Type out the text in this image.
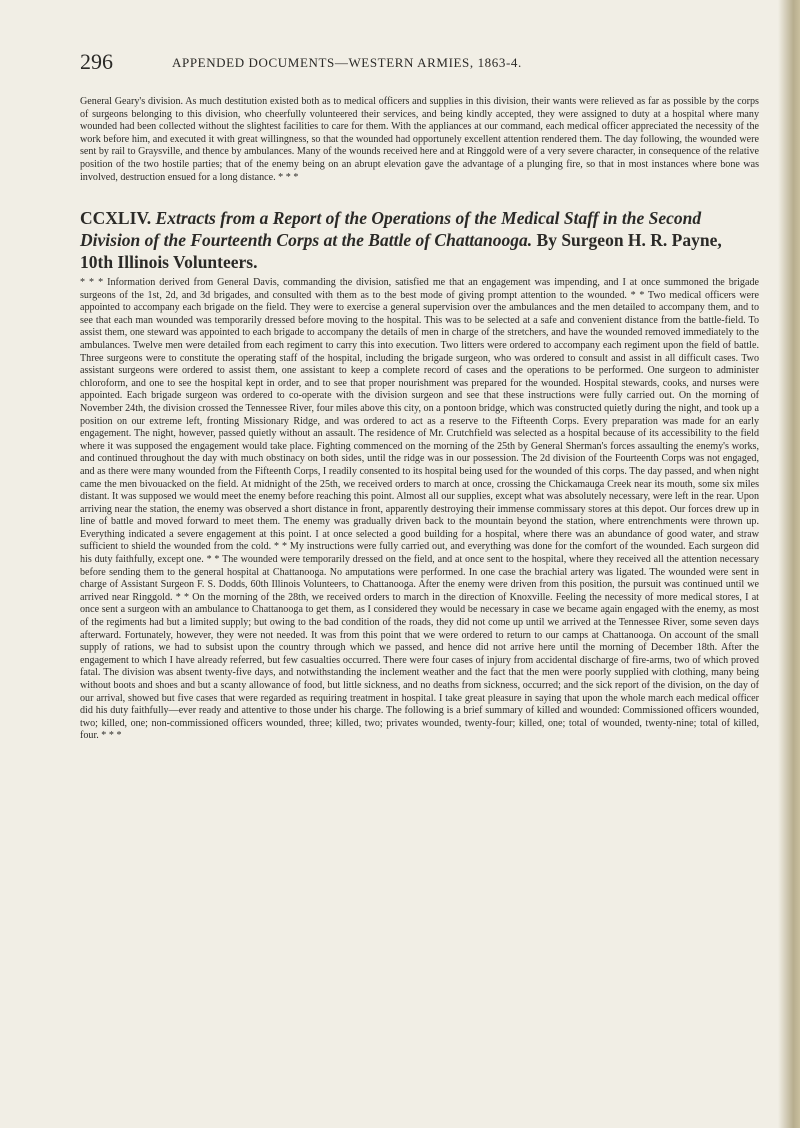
296	APPENDED DOCUMENTS—WESTERN ARMIES, 1863-4.

General Geary's division. As much destitution existed both as to medical officers and supplies in this division, their wants were relieved as far as possible by the corps of surgeons belonging to this division, who cheerfully volunteered their services, and being kindly accepted, they were assigned to duty at a hospital where many wounded had been collected without the slightest facilities to care for them. With the appliances at our command, each medical officer appreciated the necessity of the work before him, and executed it with great willingness, so that the wounded had opportunely excellent attention rendered them. The day following, the wounded were sent by rail to Graysville, and thence by ambulances. Many of the wounds received here and at Ringgold were of a very severe character, in consequence of the relative position of the two hostile parties; that of the enemy being on an abrupt elevation gave the advantage of a plunging fire, so that in most instances where bone was involved, destruction ensued for a long distance. * * *

CCXLIV. Extracts from a Report of the Operations of the Medical Staff in the Second Division of the Fourteenth Corps at the Battle of Chattanooga. By Surgeon H. R. Payne, 10th Illinois Volunteers.

* * * Information derived from General Davis, commanding the division, satisfied me that an engagement was impending, and I at once summoned the brigade surgeons of the 1st, 2d, and 3d brigades, and consulted with them as to the best mode of giving prompt attention to the wounded. * * Two medical officers were appointed to accompany each brigade on the field. They were to exercise a general supervision over the ambulances and the men detailed to accompany them, and to see that each man wounded was temporarily dressed before moving to the hospital. This was to be selected at a safe and convenient distance from the battle-field. To assist them, one steward was appointed to each brigade to accompany the details of men in charge of the stretchers, and have the wounded removed immediately to the ambulances. Twelve men were detailed from each regiment to carry this into execution. Two litters were ordered to accompany each regiment upon the field of battle. Three surgeons were to constitute the operating staff of the hospital, including the brigade surgeon, who was ordered to consult and assist in all difficult cases. Two assistant surgeons were ordered to assist them, one assistant to keep a complete record of cases and the operations to be performed. One surgeon to administer chloroform, and one to see the hospital kept in order, and to see that proper nourishment was prepared for the wounded. Hospital stewards, cooks, and nurses were appointed. Each brigade surgeon was ordered to co-operate with the division surgeon and see that these instructions were fully carried out. On the morning of November 24th, the division crossed the Tennessee River, four miles above this city, on a pontoon bridge, which was constructed quietly during the night, and took up a position on our extreme left, fronting Missionary Ridge, and was ordered to act as a reserve to the Fifteenth Corps. Every preparation was made for an early engagement. The night, however, passed quietly without an assault. The residence of Mr. Crutchfield was selected as a hospital because of its accessibility to the field where it was supposed the engagement would take place. Fighting commenced on the morning of the 25th by General Sherman's forces assaulting the enemy's works, and continued throughout the day with much obstinacy on both sides, until the ridge was in our possession. The 2d division of the Fourteenth Corps was not engaged, and as there were many wounded from the Fifteenth Corps, I readily consented to its hospital being used for the wounded of this corps. The day passed, and when night came the men bivouacked on the field. At midnight of the 25th, we received orders to march at once, crossing the Chickamauga Creek near its mouth, some six miles distant. It was supposed we would meet the enemy before reaching this point. Almost all our supplies, except what was absolutely necessary, were left in the rear. Upon arriving near the station, the enemy was observed a short distance in front, apparently destroying their immense commissary stores at this depot. Our forces drew up in line of battle and moved forward to meet them. The enemy was gradually driven back to the mountain beyond the station, where entrenchments were thrown up. Everything indicated a severe engagement at this point. I at once selected a good building for a hospital, where there was an abundance of good water, and straw sufficient to shield the wounded from the cold. * * My instructions were fully carried out, and everything was done for the comfort of the wounded. Each surgeon did his duty faithfully, except one. * * The wounded were temporarily dressed on the field, and at once sent to the hospital, where they received all the attention necessary before sending them to the general hospital at Chattanooga. No amputations were performed. In one case the brachial artery was ligated. The wounded were sent in charge of Assistant Surgeon F. S. Dodds, 60th Illinois Volunteers, to Chattanooga. After the enemy were driven from this position, the pursuit was continued until we arrived near Ringgold. * * On the morning of the 28th, we received orders to march in the direction of Knoxville. Feeling the necessity of more medical stores, I at once sent a surgeon with an ambulance to Chattanooga to get them, as I considered they would be necessary in case we became again engaged with the enemy, as most of the regiments had but a limited supply; but owing to the bad condition of the roads, they did not come up until we arrived at the Tennessee River, some seven days afterward. Fortunately, however, they were not needed. It was from this point that we were ordered to return to our camps at Chattanooga. On account of the small supply of rations, we had to subsist upon the country through which we passed, and hence did not arrive here until the morning of December 18th. After the engagement to which I have already referred, but few casualties occurred. There were four cases of injury from accidental discharge of fire-arms, two of which proved fatal. The division was absent twenty-five days, and notwithstanding the inclement weather and the fact that the men were poorly supplied with clothing, many being without boots and shoes and but a scanty allowance of food, but little sickness, and no deaths from sickness, occurred; and the sick report of the division, on the day of our arrival, showed but five cases that were regarded as requiring treatment in hospital. I take great pleasure in saying that upon the whole march each medical officer did his duty faithfully—ever ready and attentive to those under his charge. The following is a brief summary of killed and wounded: Commissioned officers wounded, two; killed, one; non-commissioned officers wounded, three; killed, two; privates wounded, twenty-four; killed, one; total of wounded, twenty-nine; total of killed, four. * * *
